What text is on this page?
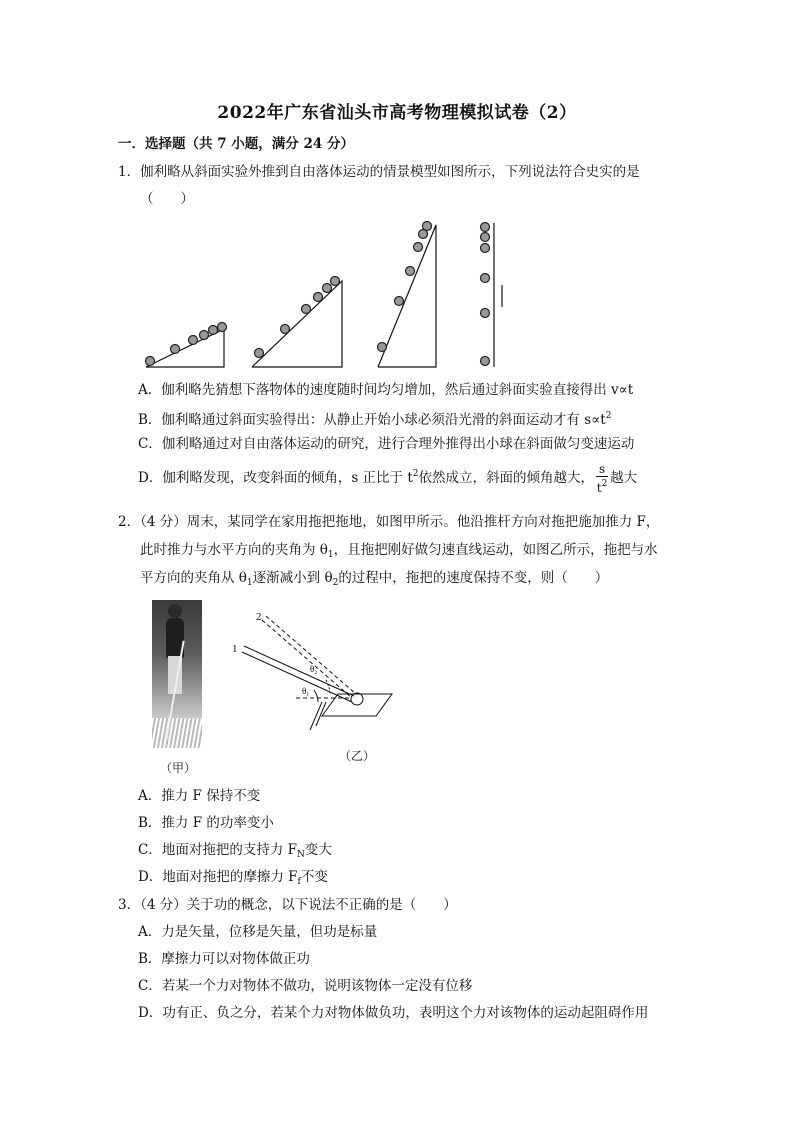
2022年广东省汕头市高考物理模拟试卷（2）
一．选择题（共 7 小题，满分 24 分）
1．伽利略从斜面实验外推到自由落体运动的情景模型如图所示，下列说法符合史实的是
（　　）
A．伽利略先猜想下落物体的速度随时间均匀增加，然后通过斜面实验直接得出 v∝t
B．伽利略通过斜面实验得出：从静止开始小球必须沿光滑的斜面运动才有 $s\propto t^2$
C．伽利略通过对自由落体运动的研究，进行合理外推得出小球在斜面做匀变速运动
D．伽利略发现，改变斜面的倾角，s 正比于 $t^2$依然成立，斜面的倾角越大， $\frac{s}{t^2}$ 越大
2．（4 分）周末，某同学在家用拖把拖地，如图甲所示。他沿推杆方向对拖把施加推力 F，
此时推力与水平方向的夹角为 $\theta_1$，且拖把刚好做匀速直线运动，如图乙所示，拖把与水
平方向的夹角从 $\theta_1$逐渐减小到 $\theta_2$的过程中，拖把的速度保持不变，则（　　）
（甲）
2
1
θ₂
θ₁
（乙）
A．推力 F 保持不变
B．推力 F 的功率变小
C．地面对拖把的支持力 $F_N$变大
D．地面对拖把的摩擦力 $F_f$不变
3．（4 分）关于功的概念，以下说法不正确的是（　　）
A．力是矢量，位移是矢量，但功是标量
B．摩擦力可以对物体做正功
C．若某一个力对物体不做功，说明该物体一定没有位移
D．功有正、负之分，若某个力对物体做负功，表明这个力对该物体的运动起阻碍作用
